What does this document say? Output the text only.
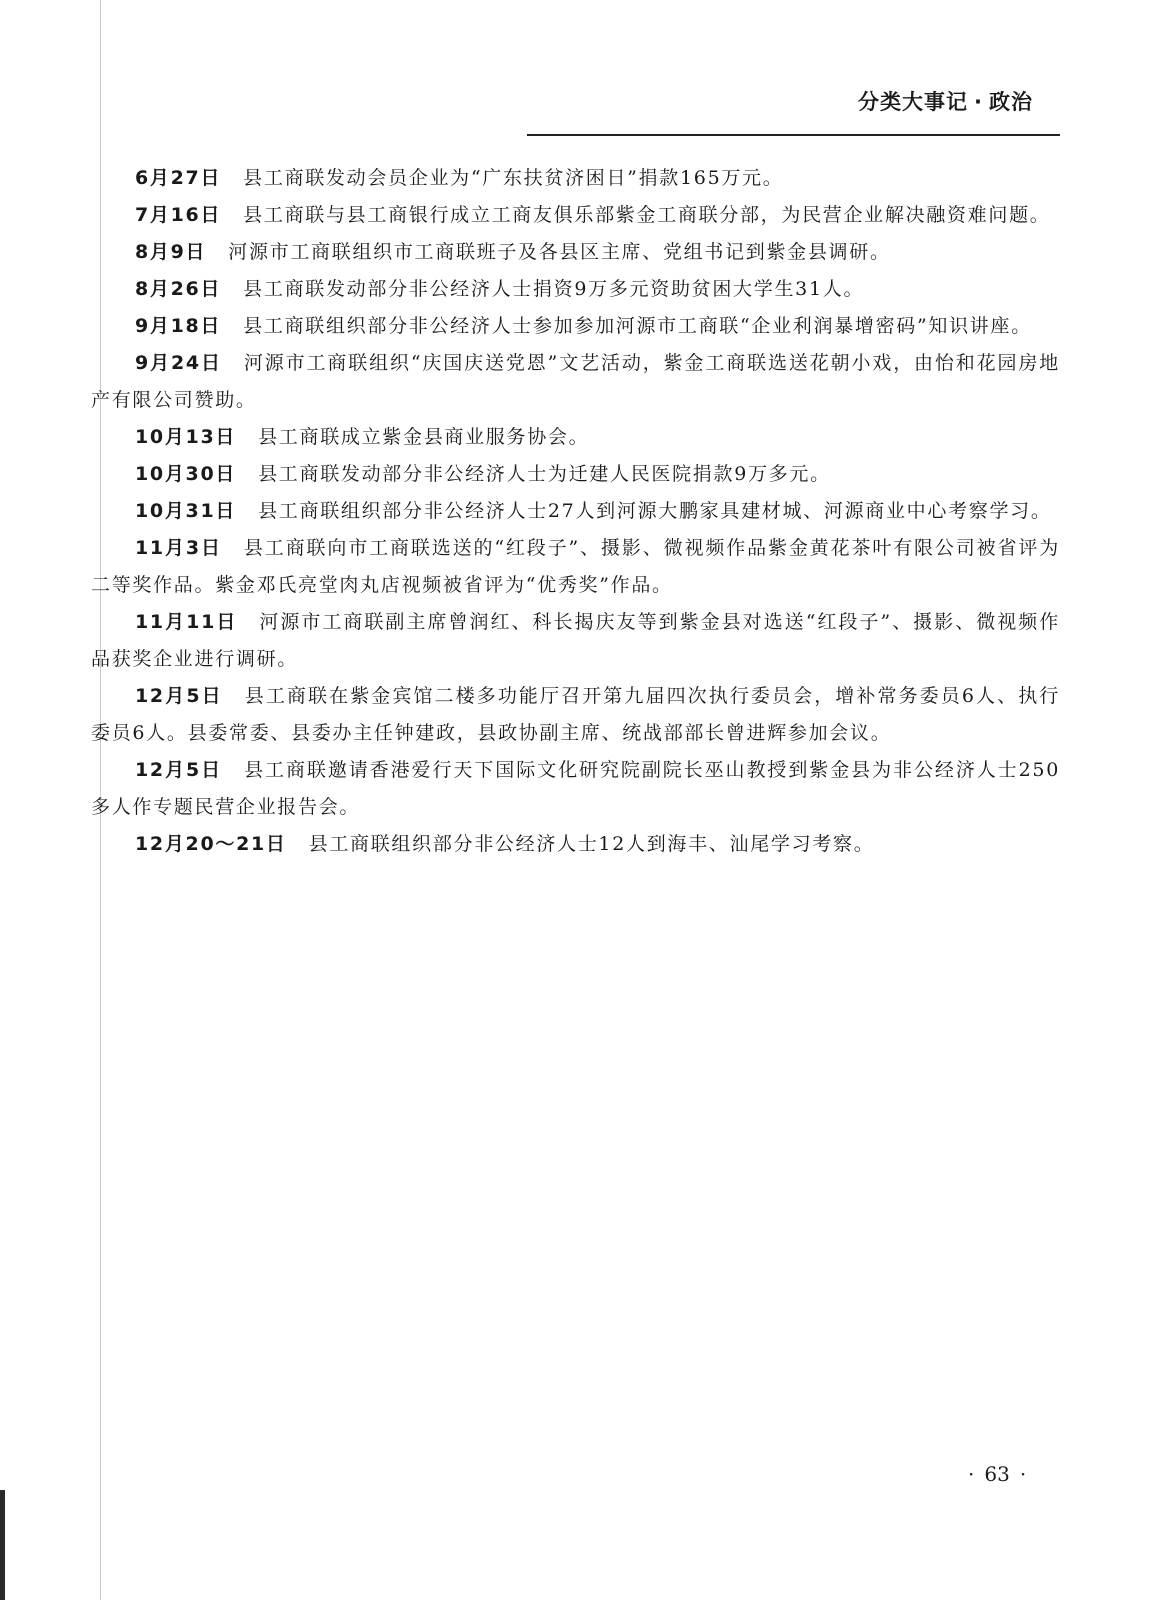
分类大事记 · 政治

6月27日 县工商联发动会员企业为“广东扶贫济困日”捐款165万元。

7月16日 县工商联与县工商银行成立工商友俱乐部紫金工商联分部，为民营企业解决融资难问题。

8月9日 河源市工商联组织市工商联班子及各县区主席、党组书记到紫金县调研。

8月26日 县工商联发动部分非公经济人士捐资9万多元资助贫困大学生31人。

9月18日 县工商联组织部分非公经济人士参加参加河源市工商联“企业利润暴增密码”知识讲座。

9月24日 河源市工商联组织“庆国庆送党恩”文艺活动，紫金工商联选送花朝小戏，由怡和花园房地产有限公司赞助。

10月13日 县工商联成立紫金县商业服务协会。

10月30日 县工商联发动部分非公经济人士为迁建人民医院捐款9万多元。

10月31日 县工商联组织部分非公经济人士27人到河源大鹏家具建材城、河源商业中心考察学习。

11月3日 县工商联向市工商联选送的“红段子”、摄影、微视频作品紫金黄花茶叶有限公司被省评为二等奖作品。紫金邓氏亮堂肉丸店视频被省评为“优秀奖”作品。

11月11日 河源市工商联副主席曾润红、科长揭庆友等到紫金县对选送“红段子”、摄影、微视频作品获奖企业进行调研。

12月5日 县工商联在紫金宾馆二楼多功能厅召开第九届四次执行委员会，增补常务委员6人、执行委员6人。县委常委、县委办主任钟建政，县政协副主席、统战部部长曾进辉参加会议。

12月5日 县工商联邀请香港爱行天下国际文化研究院副院长巫山教授到紫金县为非公经济人士250多人作专题民营企业报告会。

12月20～21日 县工商联组织部分非公经济人士12人到海丰、汕尾学习考察。

· 63 ·
